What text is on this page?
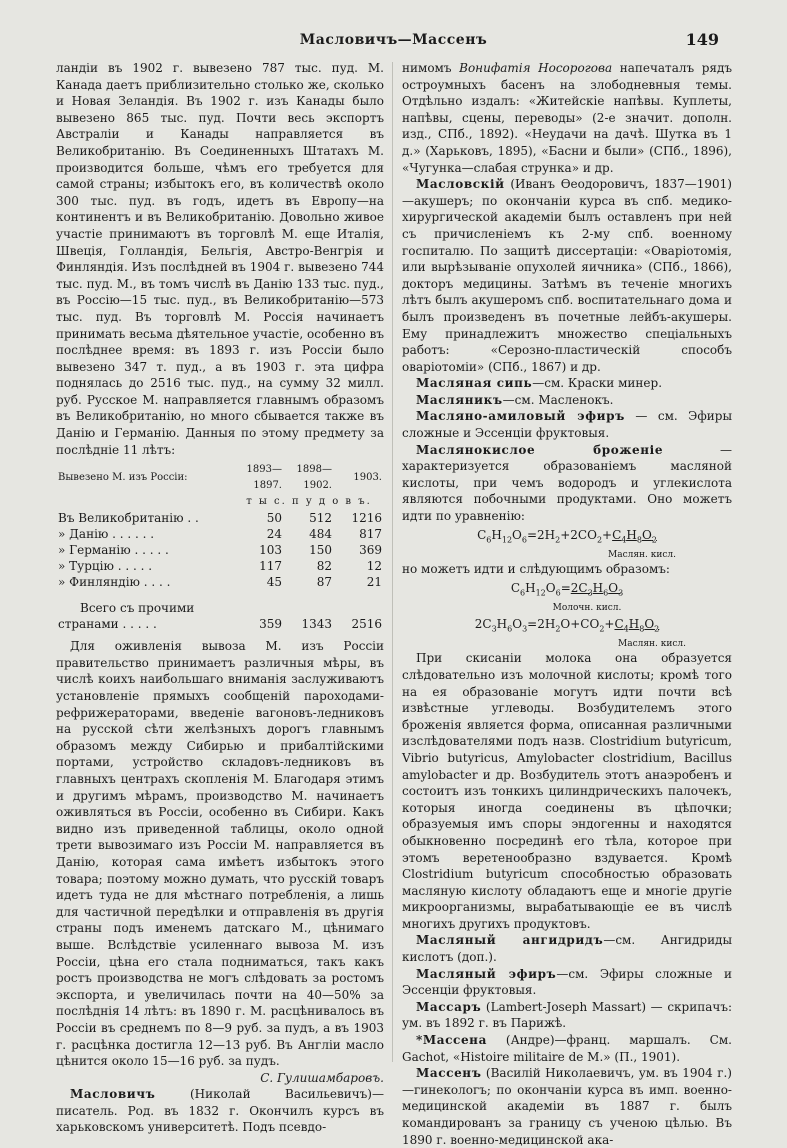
Масловичъ—Массенъ	149

ландіи въ 1902 г. вывезено 787 тыс. пуд. М. Канада даетъ приблизительно столько же, сколько и Новая Зеландія. Въ 1902 г. изъ Канады было вывезено 865 тыс. пуд. Почти весь экспортъ Австраліи и Канады направляется въ Великобританію. Въ Соединенныхъ Штатахъ М. производится больше, чѣмъ его требуется для самой страны; избытокъ его, въ количествѣ около 300 тыс. пуд. въ годъ, идетъ въ Европу—на континентъ и въ Великобританію. Довольно живое участіе принимаютъ въ торговлѣ М. еще Италія, Швеція, Голландія, Бельгія, Австро-Венгрія и Финляндія. Изъ послѣдней въ 1904 г. вывезено 744 тыс. пуд. М., въ томъ числѣ въ Данію 133 тыс. пуд., въ Россію—15 тыс. пуд., въ Великобританію—573 тыс. пуд. Въ торговлѣ М. Россія начинаетъ принимать весьма дѣятельное участіе, особенно въ послѣднее время: въ 1893 г. изъ Россіи было вывезено 347 т. пуд., а въ 1903 г. эта цифра поднялась до 2516 тыс. пуд., на сумму 32 милл. руб. Русское М. направляется главнымъ образомъ въ Великобританію, но много сбывается также въ Данію и Германію. Данныя по этому предмету за послѣдніе 11 лѣтъ:

Вывезено М. изъ Россіи:	1893—1897.	1898—1902.	1903.
	т ы с. п у д о в ъ.		
Въ Великобританію . .	50	512	1216
» Данію . . . . . .	24	484	817
» Германію . . . . .	103	150	369
» Турцію . . . . .	117	82	12
» Финляндію . . . .	45	87	21
Всего съ прочими			
странами . . . . .	359	1343	2516

Для оживленія вывоза М. изъ Россіи правительство принимаетъ различныя мѣры, въ числѣ коихъ наибольшаго вниманія заслуживаютъ установленіе прямыхъ сообщеній пароходами-рефрижераторами, введеніе вагоновъ-ледниковъ на русской сѣти желѣзныхъ дорогъ главнымъ образомъ между Сибирью и прибалтійскими портами, устройство складовъ-ледниковъ въ главныхъ центрахъ скопленія М. Благодаря этимъ и другимъ мѣрамъ, производство М. начинаетъ оживляться въ Россіи, особенно въ Сибири. Какъ видно изъ приведенной таблицы, около одной трети вывозимаго изъ Россіи М. направляется въ Данію, которая сама имѣетъ избытокъ этого товара; поэтому можно думать, что русскій товаръ идетъ туда не для мѣстнаго потребленія, а лишь для частичной передѣлки и отправленія въ другія страны подъ именемъ датскаго М., цѣнимаго выше. Вслѣдствіе усиленнаго вывоза М. изъ Россіи, цѣна его стала подниматься, такъ какъ ростъ производства не могъ слѣдовать за ростомъ экспорта, и увеличилась почти на 40—50% за послѣднія 14 лѣтъ: въ 1890 г. М. расцѣнивалось въ Россіи въ среднемъ по 8—9 руб. за пудъ, а въ 1903 г. расцѣнка достигла 12—13 руб. Въ Англіи масло цѣнится около 15—16 руб. за пудъ.

С. Гулишамбаровъ.

Масловичъ	(Николай Васильевичъ)—писатель. Род. въ 1832 г. Окончилъ курсъ въ харьковскомъ университетѣ. Подъ псевдо-

нимомъ Вонифатія Носорогова напечаталъ рядъ остроумныхъ басенъ на злободневныя темы. Отдѣльно издалъ: «Житейскіе напѣвы. Куплеты, напѣвы, сцены, переводы» (2-е значит. дополн. изд., СПб., 1892). «Неудачи на дачѣ. Шутка въ 1 д.» (Харьковъ, 1895), «Басни и были» (СПб., 1896), «Чугунка—слабая струнка» и др.

Масловскій (Иванъ Ѳеодоровичъ, 1837—1901)—акушеръ; по окончаніи курса въ спб. медико-хирургической академіи былъ оставленъ при ней съ причисленіемъ къ 2-му спб. военному госпиталю. По защитѣ диссертаціи: «Оваріотомія, или вырѣзываніе опухолей яичника» (СПб., 1866), докторъ медицины. Затѣмъ въ теченіе многихъ лѣтъ былъ акушеромъ спб. воспитательнаго дома и былъ произведенъ въ почетные лейбъ-акушеры. Ему принадлежитъ множество спеціальныхъ работъ: «Серозно-пластическій способъ оваріотоміи» (СПб., 1867) и др.

Масляная сипь—см. Краски минер.

Масляникъ—см. Масленокъ.

Масляно-амиловый эфиръ — см. Эфиры сложные и Эссенціи фруктовыя.

Маслянокислое броженіе	— характеризуется образованіемъ масляной кислоты, при чемъ водородъ и углекислота являются побочными продуктами. Оно можетъ идти по уравненію:

$C_6H_{12}O_6=2H_2+2CO_2+C_4H_8O_2$
Маслян. кисл.

но можетъ идти и слѣдующимъ образомъ:

$C_6H_{12}O_6=2C_3H_6O_3$
Молочн. кисл.
$2C_3H_6O_3=2H_2O+CO_2+C_4H_8O_2$
Маслян. кисл.

При скисаніи молока она образуется слѣдовательно изъ молочной кислоты; кромѣ того на ея образованіе могутъ идти почти всѣ извѣстные углеводы. Возбудителемъ этого броженія является форма, описанная различными изслѣдователями подъ назв. Clostridium butyricum, Vibrio butyricus, Amylobacter clostridium, Bacillus amylobacter и др. Возбудитель этотъ анаэробенъ и состоитъ изъ тонкихъ цилиндрическихъ палочекъ, которыя иногда соединены въ цѣпочки; образуемыя имъ споры эндогенны и находятся обыкновенно посрединѣ его тѣла, которое при этомъ веретенообразно вздувается. Кромѣ Clostridium butyricum способностью образовать масляную кислоту обладаютъ еще и многіе другіе микроорганизмы, вырабатывающіе ее въ числѣ многихъ другихъ продуктовъ.

Масляный ангидридъ—см. Ангидриды кислотъ (доп.).

Масляный эфиръ—см. Эфиры сложные и Эссенціи фруктовыя.

Массаръ (Lambert-Joseph Massart) — скрипачъ: ум. въ 1892 г. въ Парижѣ.

*Массена (Андре)—франц. маршалъ. См. Gachot, «Histoire militaire de M.» (П., 1901).

Массенъ (Василій Николаевичъ, ум. въ 1904 г.)—гинекологъ; по окончаніи курса въ имп. военно-медицинской академіи въ 1887 г. былъ командированъ за границу съ ученою цѣлью. Въ 1890 г. военно-медицинской ака-
